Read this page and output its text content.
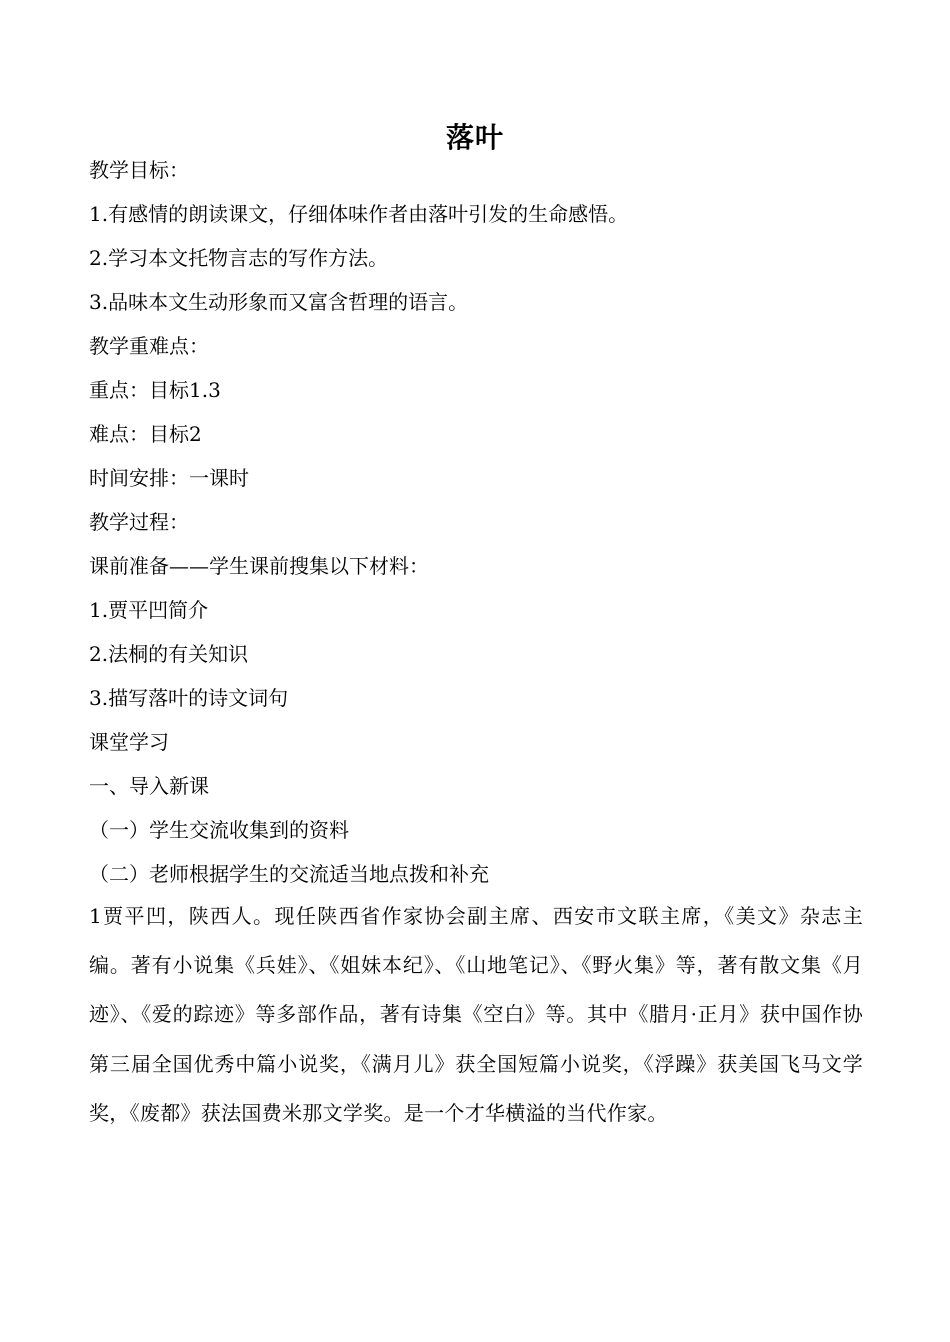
落叶
教学目标：
1.有感情的朗读课文，仔细体味作者由落叶引发的生命感悟。
2.学习本文托物言志的写作方法。
3.品味本文生动形象而又富含哲理的语言。
教学重难点：
重点：目标1.3
难点：目标2
时间安排：一课时
教学过程：
课前准备——学生课前搜集以下材料：
1.贾平凹简介
2.法桐的有关知识
3.描写落叶的诗文词句
课堂学习
一、导入新课
（一）学生交流收集到的资料
（二）老师根据学生的交流适当地点拨和补充

1贾平凹，陕西人。现任陕西省作家协会副主席、西安市文联主席，《美文》杂志主编。著有小说集《兵娃》、《姐妹本纪》、《山地笔记》、《野火集》等，著有散文集《月迹》、《爱的踪迹》等多部作品，著有诗集《空白》等。其中《腊月·正月》获中国作协第三届全国优秀中篇小说奖，《满月儿》获全国短篇小说奖，《浮躁》获美国飞马文学奖，《废都》获法国费米那文学奖。是一个才华横溢的当代作家。
